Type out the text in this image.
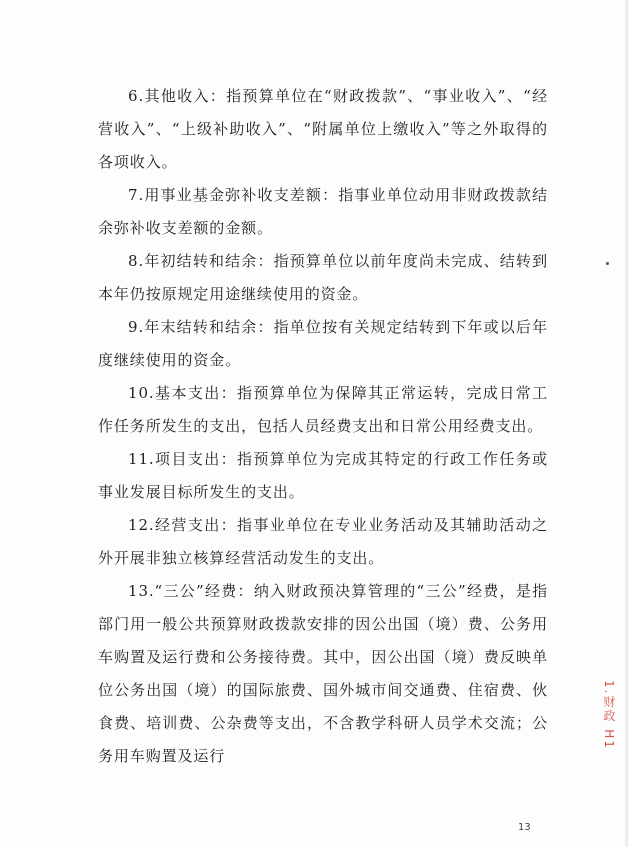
6.其他收入：指预算单位在“财政拨款”、“事业收入”、“经营收入”、“上级补助收入”、“附属单位上缴收入”等之外取得的各项收入。

7.用事业基金弥补收支差额：指事业单位动用非财政拨款结余弥补收支差额的金额。

8.年初结转和结余：指预算单位以前年度尚未完成、结转到本年仍按原规定用途继续使用的资金。

9.年末结转和结余：指单位按有关规定结转到下年或以后年度继续使用的资金。

10.基本支出：指预算单位为保障其正常运转，完成日常工作任务所发生的支出，包括人员经费支出和日常公用经费支出。

11.项目支出：指预算单位为完成其特定的行政工作任务或事业发展目标所发生的支出。

12.经营支出：指事业单位在专业业务活动及其辅助活动之外开展非独立核算经营活动发生的支出。

13.“三公”经费：纳入财政预决算管理的“三公”经费，是指部门用一般公共预算财政拨款安排的因公出国（境）费、公务用车购置及运行费和公务接待费。其中，因公出国（境）费反映单位公务出国（境）的国际旅费、国外城市间交通费、住宿费、伙食费、培训费、公杂费等支出，不含教学科研人员学术交流；公务用车购置及运行

1.财政 H1
13
